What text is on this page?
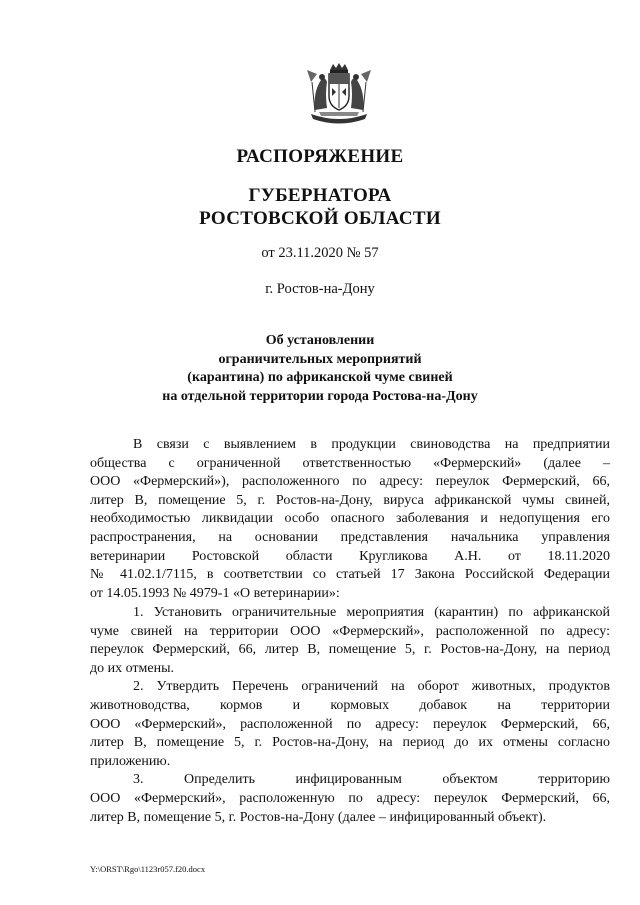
РАСПОРЯЖЕНИЕ
ГУБЕРНАТОРА
РОСТОВСКОЙ ОБЛАСТИ
от 23.11.2020 № 57
г. Ростов-на-Дону
Об установлении
ограничительных мероприятий
(карантина) по африканской чуме свиней
на отдельной территории города Ростова-на-Дону
В связи с выявлением в продукции свиноводства на предприятии
общества с ограниченной ответственностью «Фермерский» (далее –
ООО «Фермерский»), расположенного по адресу: переулок Фермерский, 66,
литер В, помещение 5, г. Ростов-на-Дону, вируса африканской чумы свиней,
необходимостью ликвидации особо опасного заболевания и недопущения его
распространения, на основании представления начальника управления
ветеринарии Ростовской области Кругликова А.Н. от 18.11.2020
№ 41.02.1/7115, в соответствии со статьей 17 Закона Российской Федерации
от 14.05.1993 № 4979-1 «О ветеринарии»:
1. Установить ограничительные мероприятия (карантин) по африканской
чуме свиней на территории ООО «Фермерский», расположенной по адресу:
переулок Фермерский, 66, литер В, помещение 5, г. Ростов-на-Дону, на период
до их отмены.
2. Утвердить Перечень ограничений на оборот животных, продуктов
животноводства, кормов и кормовых добавок на территории
ООО «Фермерский», расположенной по адресу: переулок Фермерский, 66,
литер В, помещение 5, г. Ростов-на-Дону, на период до их отмены согласно
приложению.
3. Определить инфицированным объектом территорию
ООО «Фермерский», расположенную по адресу: переулок Фермерский, 66,
литер В, помещение 5, г. Ростов-на-Дону (далее – инфицированный объект).
Y:\ORST\Rgo\1123r057.f20.docx
